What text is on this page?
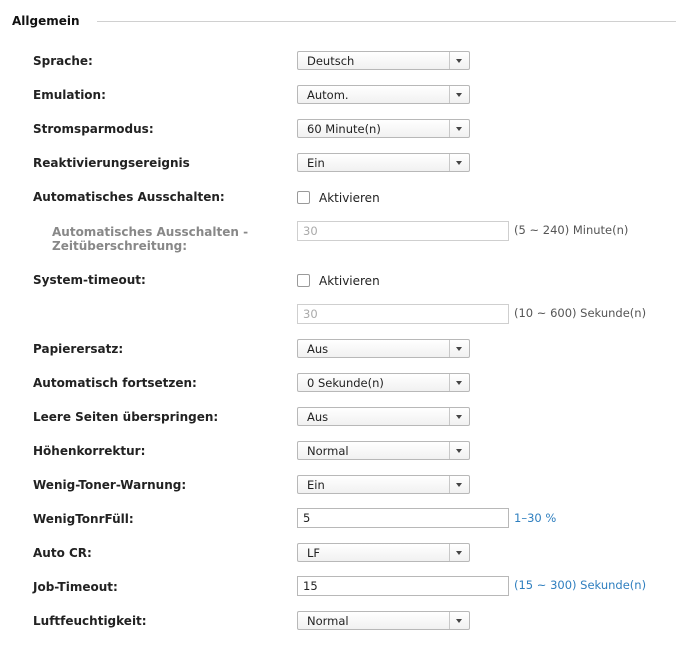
Allgemein
Sprache:	Deutsch
Emulation:	Autom.
Stromsparmodus:	60 Minute(n)
Reaktivierungsereignis	Ein
Automatisches Ausschalten:	Aktivieren
Automatisches Ausschalten -
Zeitüberschreitung:
30	(5 ~ 240) Minute(n)
System-timeout:	Aktivieren
30	(10 ~ 600) Sekunde(n)
Papierersatz:	Aus
Automatisch fortsetzen:	0 Sekunde(n)
Leere Seiten überspringen:	Aus
Höhenkorrektur:	Normal
Wenig-Toner-Warnung:	Ein
WenigTonrFüll:	5	1–30 %
Auto CR:	LF
Job-Timeout:	15	(15 ~ 300) Sekunde(n)
Luftfeuchtigkeit:	Normal
